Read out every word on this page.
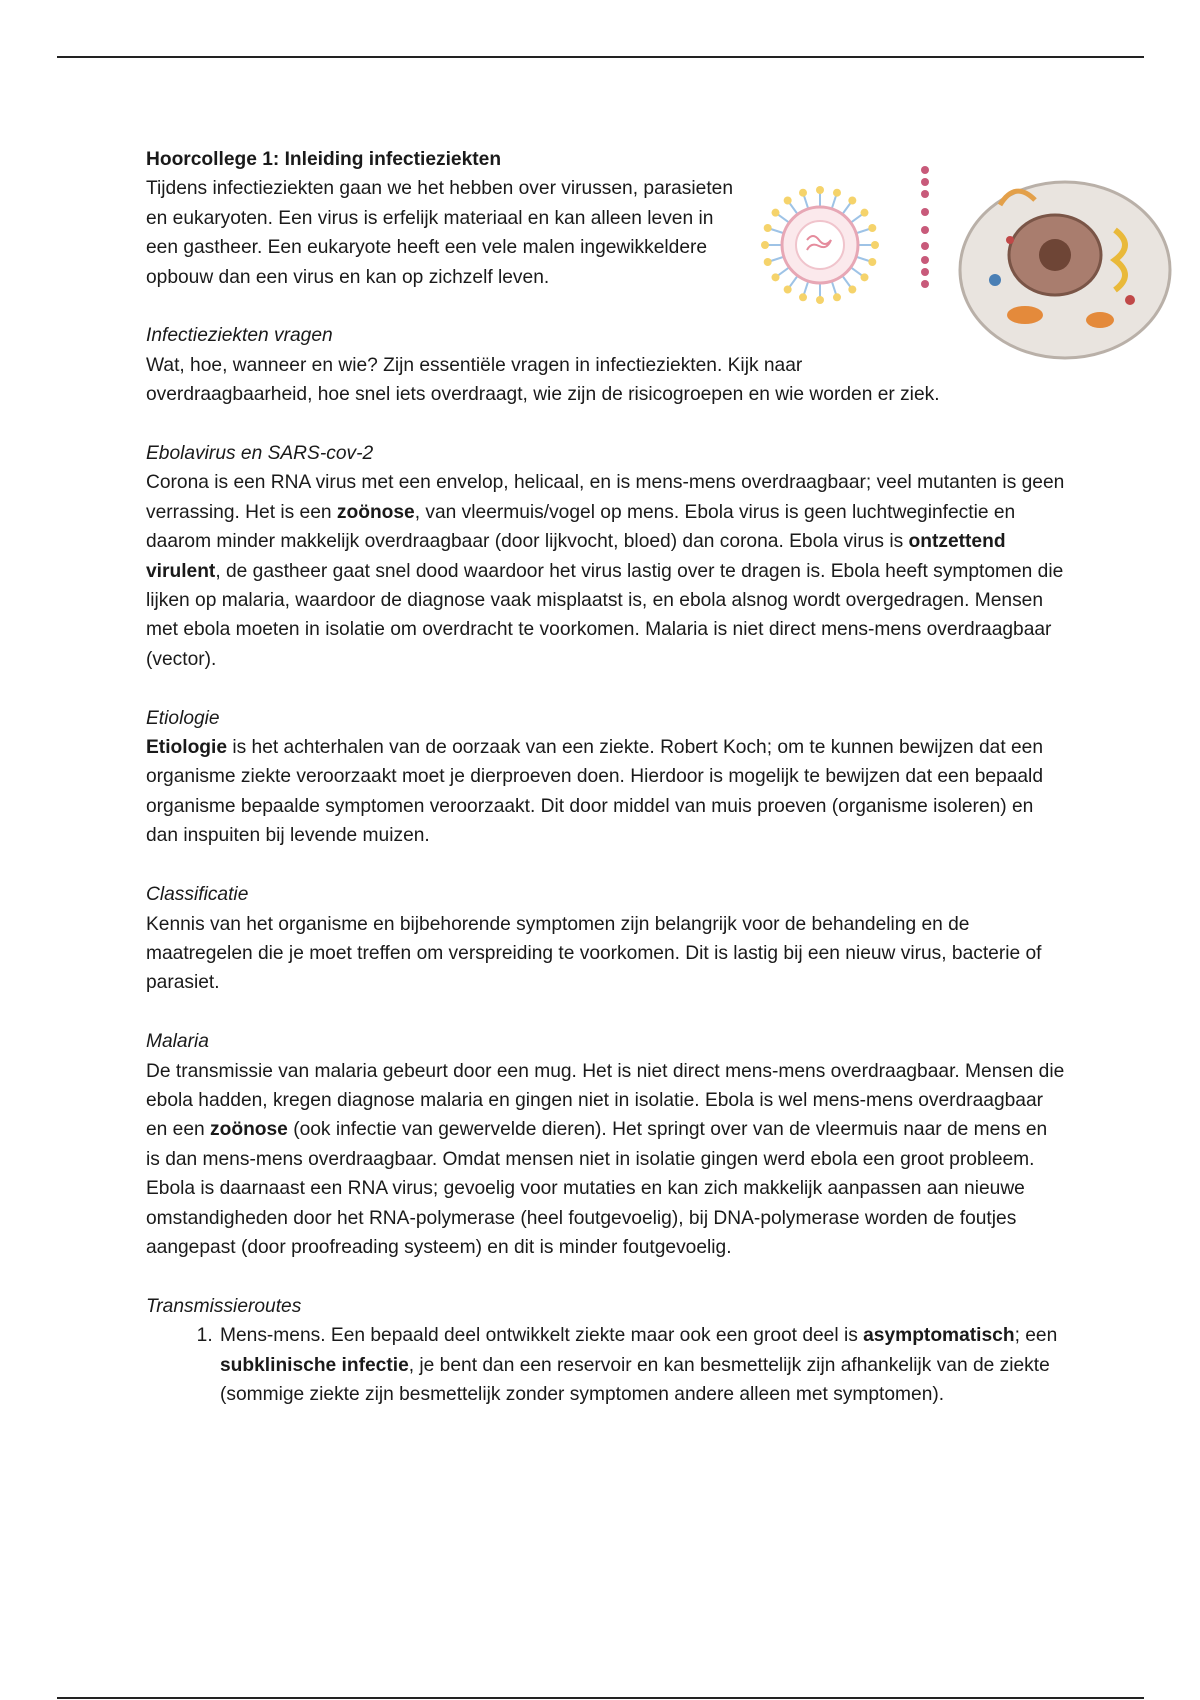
Hoorcollege 1: Inleiding infectieziekten

Tijdens infectieziekten gaan we het hebben over virussen, parasieten en eukaryoten. Een virus is erfelijk materiaal en kan alleen leven in een gastheer. Een eukaryote heeft een vele malen ingewikkeldere opbouw dan een virus en kan op zichzelf leven.

Infectieziekten vragen

Wat, hoe, wanneer en wie? Zijn essentiële vragen in infectieziekten. Kijk naar overdraagbaarheid, hoe snel iets overdraagt, wie zijn de risicogroepen en wie worden er ziek.

Ebolavirus en SARS-cov-2

Corona is een RNA virus met een envelop, helicaal, en is mens-mens overdraagbaar; veel mutanten is geen verrassing. Het is een zoönose, van vleermuis/vogel op mens. Ebola virus is geen luchtweginfectie en daarom minder makkelijk overdraagbaar (door lijkvocht, bloed) dan corona. Ebola virus is ontzettend virulent, de gastheer gaat snel dood waardoor het virus lastig over te dragen is. Ebola heeft symptomen die lijken op malaria, waardoor de diagnose vaak misplaatst is, en ebola alsnog wordt overgedragen. Mensen met ebola moeten in isolatie om overdracht te voorkomen. Malaria is niet direct mens-mens overdraagbaar (vector).

Etiologie

Etiologie is het achterhalen van de oorzaak van een ziekte. Robert Koch; om te kunnen bewijzen dat een organisme ziekte veroorzaakt moet je dierproeven doen. Hierdoor is mogelijk te bewijzen dat een bepaald organisme bepaalde symptomen veroorzaakt. Dit door middel van muis proeven (organisme isoleren) en dan inspuiten bij levende muizen.

Classificatie

Kennis van het organisme en bijbehorende symptomen zijn belangrijk voor de behandeling en de maatregelen die je moet treffen om verspreiding te voorkomen. Dit is lastig bij een nieuw virus, bacterie of parasiet.

Malaria

De transmissie van malaria gebeurt door een mug. Het is niet direct mens-mens overdraagbaar. Mensen die ebola hadden, kregen diagnose malaria en gingen niet in isolatie. Ebola is wel mens-mens overdraagbaar en een zoönose (ook infectie van gewervelde dieren). Het springt over van de vleermuis naar de mens en is dan mens-mens overdraagbaar. Omdat mensen niet in isolatie gingen werd ebola een groot probleem. Ebola is daarnaast een RNA virus; gevoelig voor mutaties en kan zich makkelijk aanpassen aan nieuwe omstandigheden door het RNA-polymerase (heel foutgevoelig), bij DNA-polymerase worden de foutjes aangepast (door proofreading systeem) en dit is minder foutgevoelig.

Transmissieroutes

1. Mens-mens. Een bepaald deel ontwikkelt ziekte maar ook een groot deel is asymptomatisch; een subklinische infectie, je bent dan een reservoir en kan besmettelijk zijn afhankelijk van de ziekte (sommige ziekte zijn besmettelijk zonder symptomen andere alleen met symptomen).
